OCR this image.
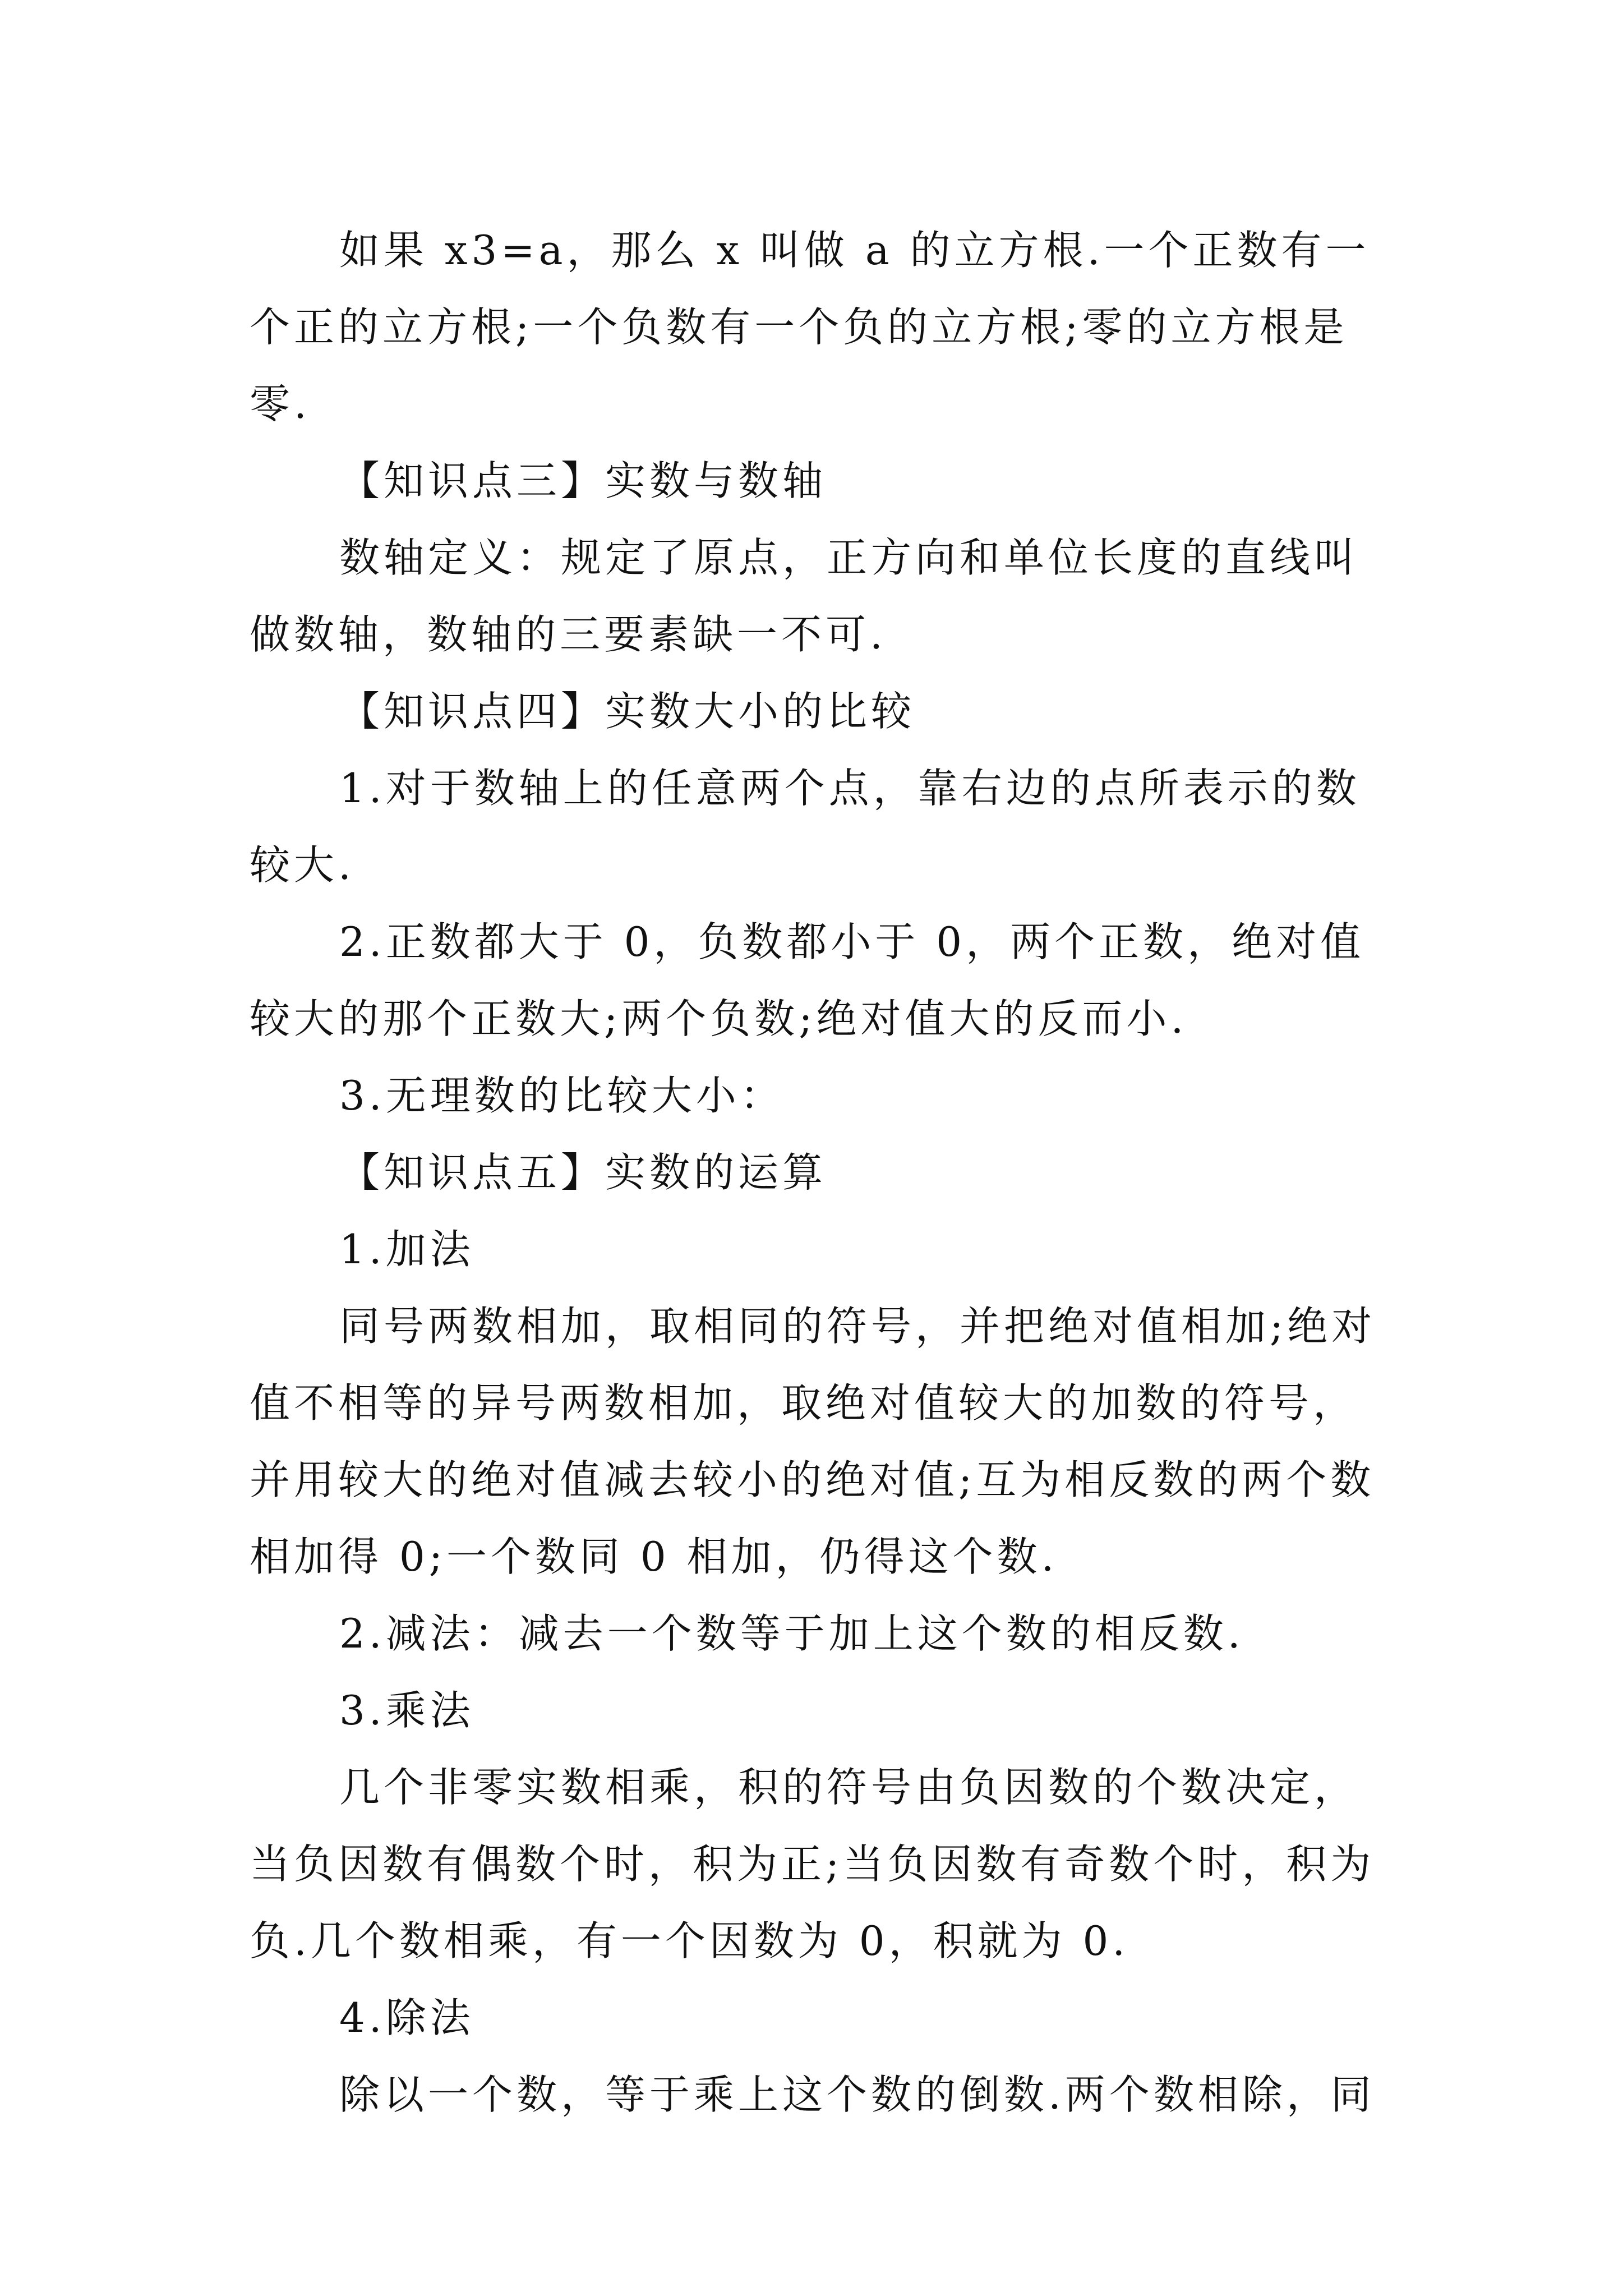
如果 x3=a，那么 x 叫做 a 的立方根.一个正数有一个正的立方根;一个负数有一个负的立方根;零的立方根是零.

【知识点三】实数与数轴

数轴定义：规定了原点，正方向和单位长度的直线叫做数轴，数轴的三要素缺一不可.

【知识点四】实数大小的比较

1.对于数轴上的任意两个点，靠右边的点所表示的数较大.

2.正数都大于 0，负数都小于 0，两个正数，绝对值较大的那个正数大;两个负数;绝对值大的反而小.

3.无理数的比较大小：

【知识点五】实数的运算

1.加法

同号两数相加，取相同的符号，并把绝对值相加;绝对值不相等的异号两数相加，取绝对值较大的加数的符号，并用较大的绝对值减去较小的绝对值;互为相反数的两个数相加得 0;一个数同 0 相加，仍得这个数.

2.减法：减去一个数等于加上这个数的相反数.

3.乘法

几个非零实数相乘，积的符号由负因数的个数决定，当负因数有偶数个时，积为正;当负因数有奇数个时，积为负.几个数相乘，有一个因数为 0，积就为 0.

4.除法

除以一个数，等于乘上这个数的倒数.两个数相除，同
